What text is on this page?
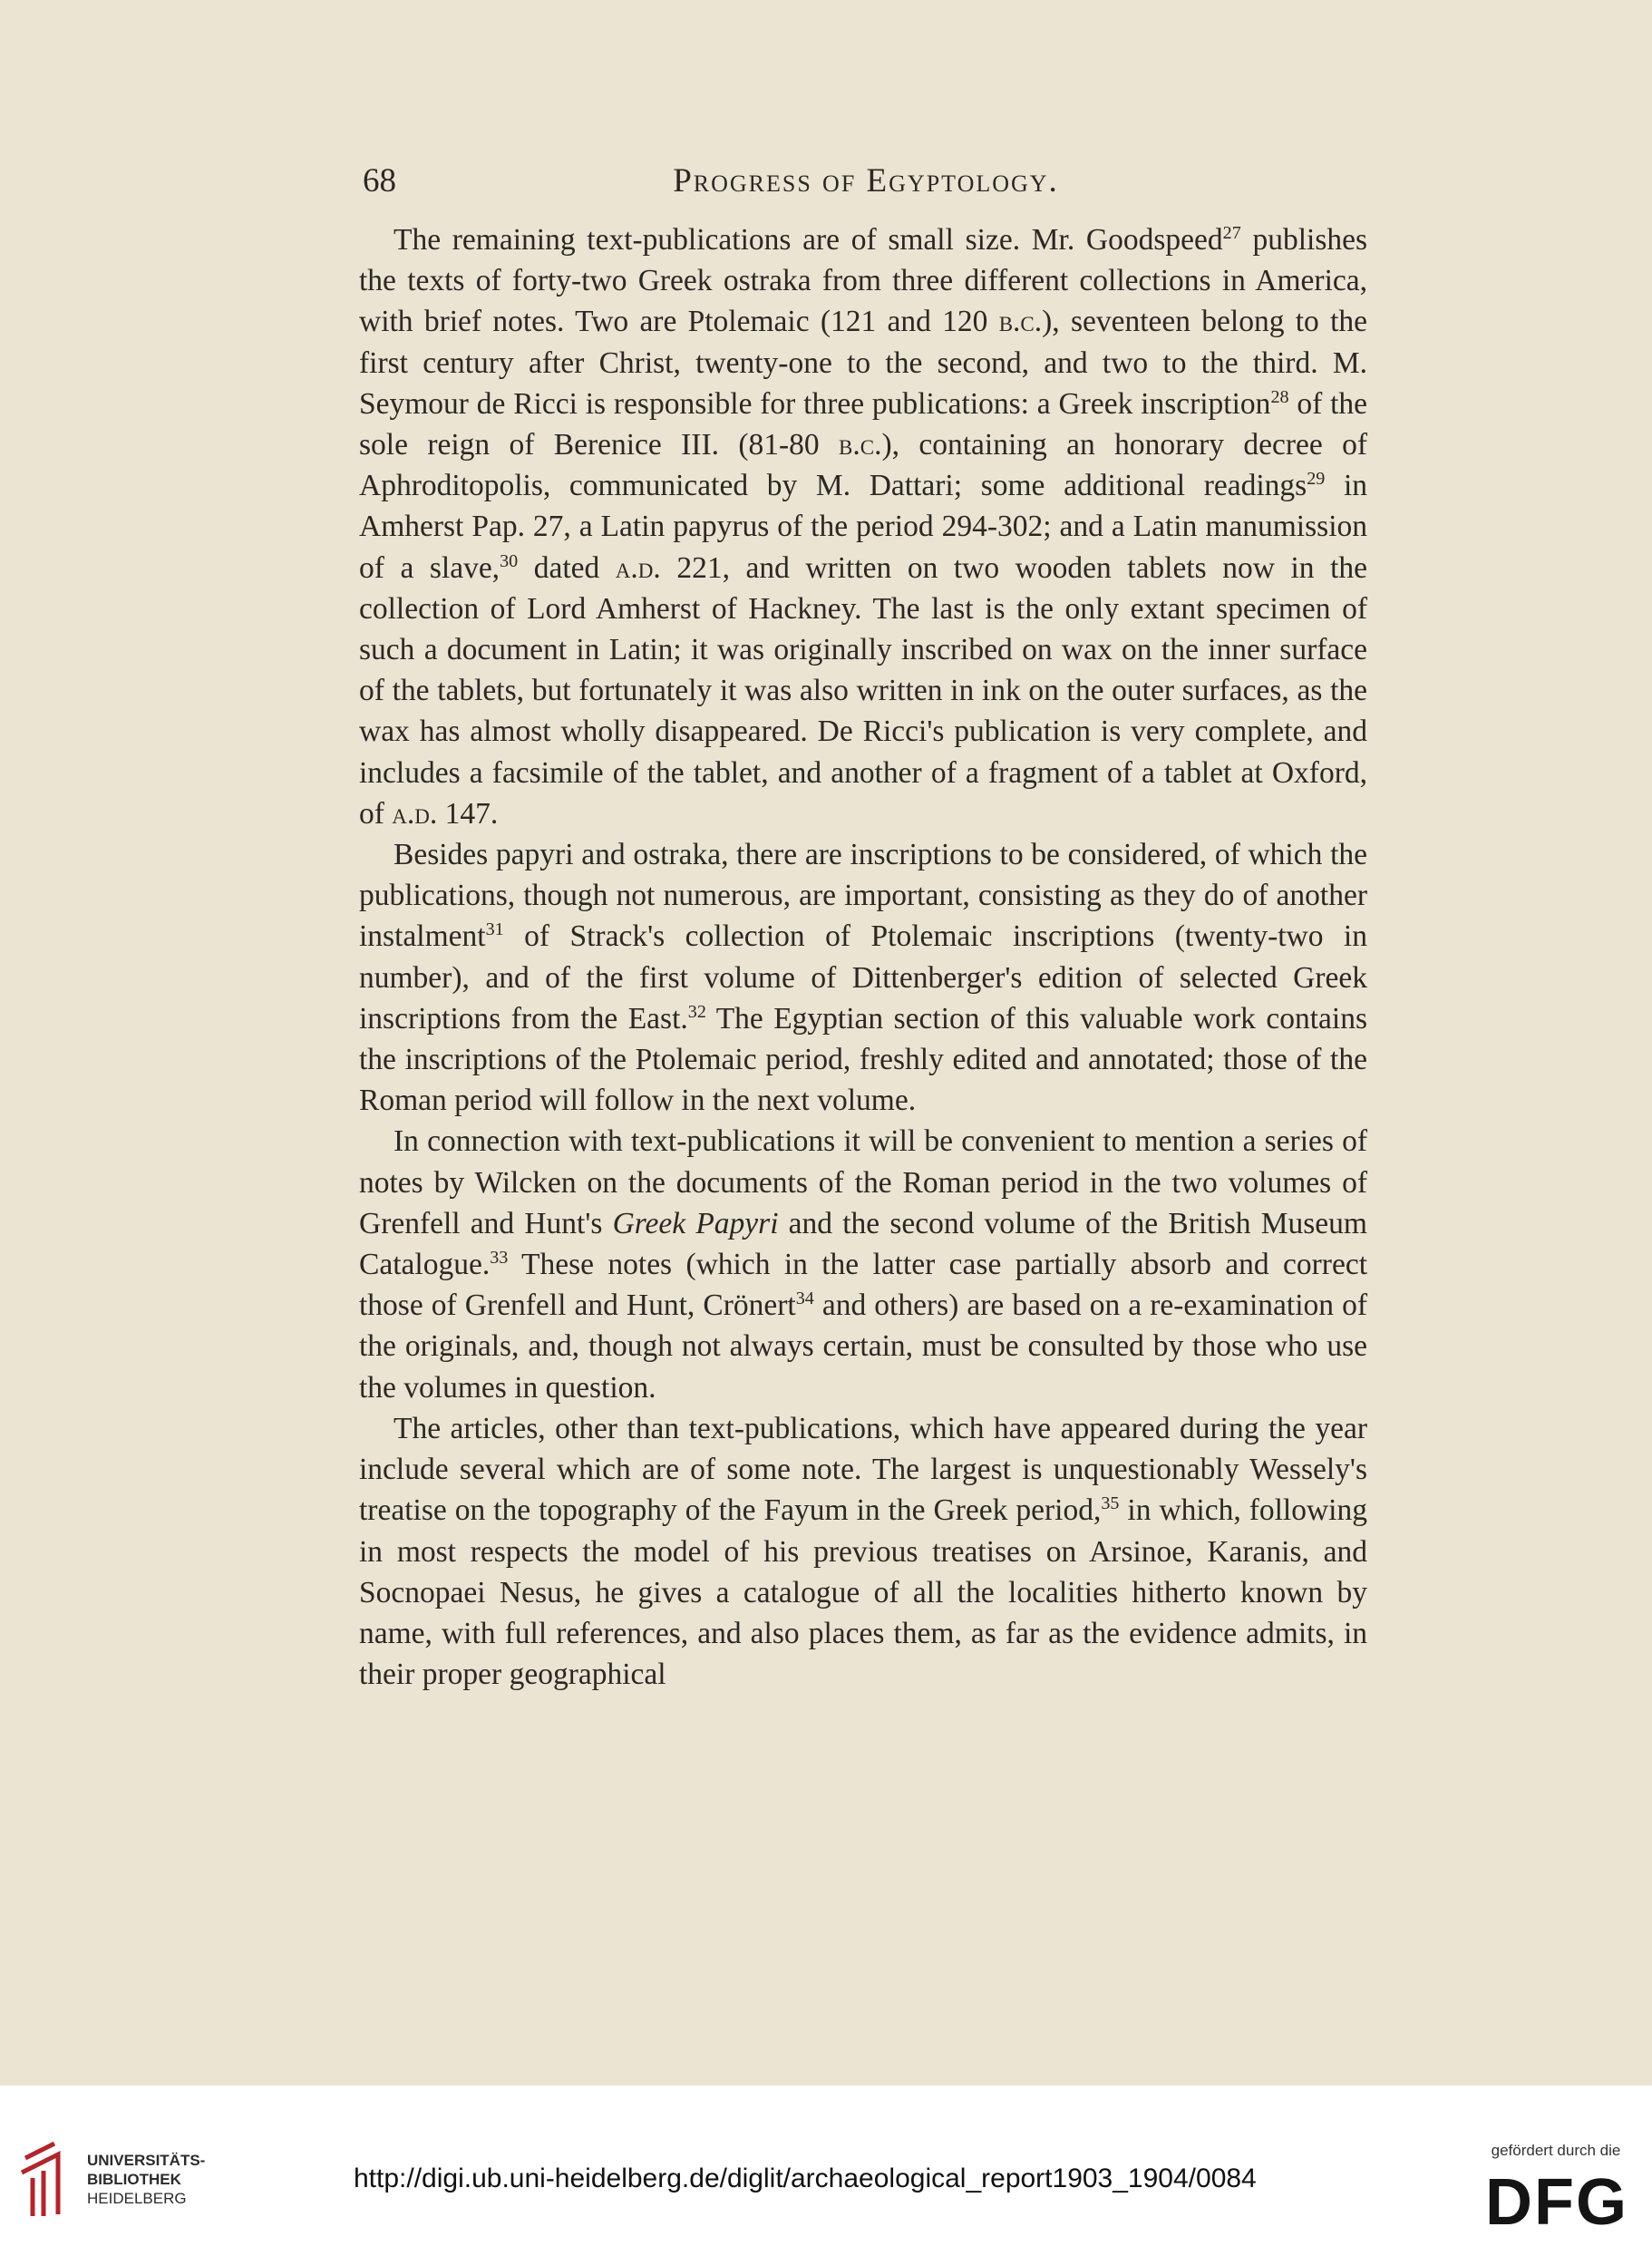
68	Progress of Egyptology.

The remaining text-publications are of small size. Mr. Goodspeed$^{27}$ publishes the texts of forty-two Greek ostraka from three different collections in America, with brief notes. Two are Ptolemaic (121 and 120 b.c.), seventeen belong to the first century after Christ, twenty-one to the second, and two to the third. M. Seymour de Ricci is responsible for three publications: a Greek inscription$^{28}$ of the sole reign of Berenice III. (81-80 b.c.), containing an honorary decree of Aphroditopolis, communicated by M. Dattari; some additional readings$^{29}$ in Amherst Pap. 27, a Latin papyrus of the period 294-302; and a Latin manumission of a slave,$^{30}$ dated a.d. 221, and written on two wooden tablets now in the collection of Lord Amherst of Hackney. The last is the only extant specimen of such a document in Latin; it was originally inscribed on wax on the inner surface of the tablets, but fortunately it was also written in ink on the outer surfaces, as the wax has almost wholly disappeared. De Ricci's publication is very complete, and includes a facsimile of the tablet, and another of a fragment of a tablet at Oxford, of a.d. 147.

Besides papyri and ostraka, there are inscriptions to be considered, of which the publications, though not numerous, are important, consisting as they do of another instalment$^{31}$ of Strack's collection of Ptolemaic inscriptions (twenty-two in number), and of the first volume of Dittenberger's edition of selected Greek inscriptions from the East.$^{32}$ The Egyptian section of this valuable work contains the inscriptions of the Ptolemaic period, freshly edited and annotated; those of the Roman period will follow in the next volume.

In connection with text-publications it will be convenient to mention a series of notes by Wilcken on the documents of the Roman period in the two volumes of Grenfell and Hunt's Greek Papyri and the second volume of the British Museum Catalogue.$^{33}$ These notes (which in the latter case partially absorb and correct those of Grenfell and Hunt, Crönert$^{34}$ and others) are based on a re-examination of the originals, and, though not always certain, must be consulted by those who use the volumes in question.

The articles, other than text-publications, which have appeared during the year include several which are of some note. The largest is unquestionably Wessely's treatise on the topography of the Fayum in the Greek period,$^{35}$ in which, following in most respects the model of his previous treatises on Arsinoe, Karanis, and Socnopaei Nesus, he gives a catalogue of all the localities hitherto known by name, with full references, and also places them, as far as the evidence admits, in their proper geographical

UNIVERSITÄTS-
BIBLIOTHEK
HEIDELBERG
http://digi.ub.uni-heidelberg.de/diglit/archaeological_report1903_1904/0084
gefördert durch die
DFG
